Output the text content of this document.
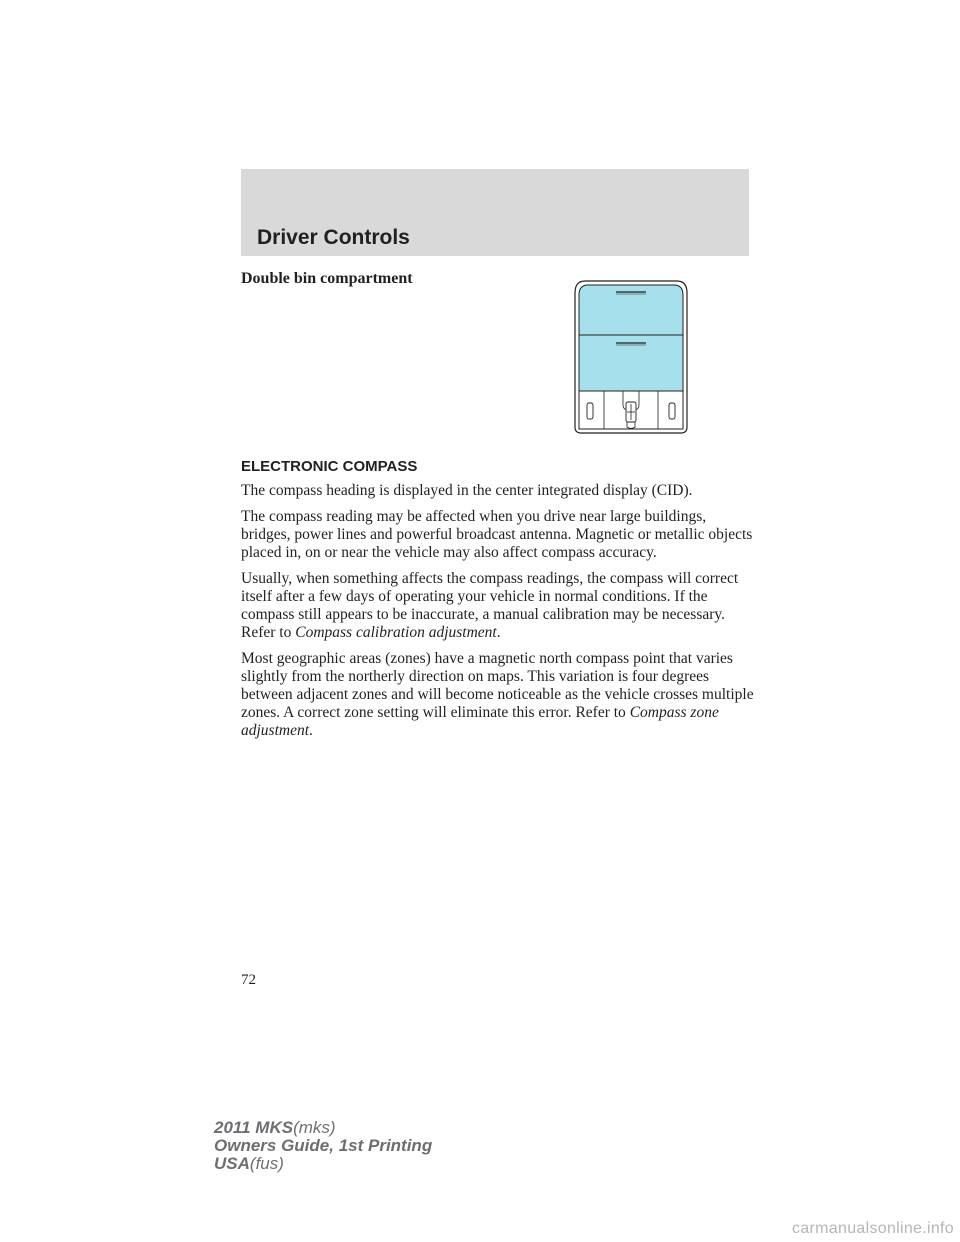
Driver Controls
Double bin compartment
ELECTRONIC COMPASS

The compass heading is displayed in the center integrated display (CID).

The compass reading may be affected when you drive near large buildings, bridges, power lines and powerful broadcast antenna. Magnetic or metallic objects placed in, on or near the vehicle may also affect compass accuracy.

Usually, when something affects the compass readings, the compass will correct itself after a few days of operating your vehicle in normal conditions. If the compass still appears to be inaccurate, a manual calibration may be necessary. Refer to Compass calibration adjustment.

Most geographic areas (zones) have a magnetic north compass point that varies slightly from the northerly direction on maps. This variation is four degrees between adjacent zones and will become noticeable as the vehicle crosses multiple zones. A correct zone setting will eliminate this error. Refer to Compass zone adjustment.

72
2011 MKS(mks)
Owners Guide, 1st Printing
USA(fus)
carmanualsonline.info
